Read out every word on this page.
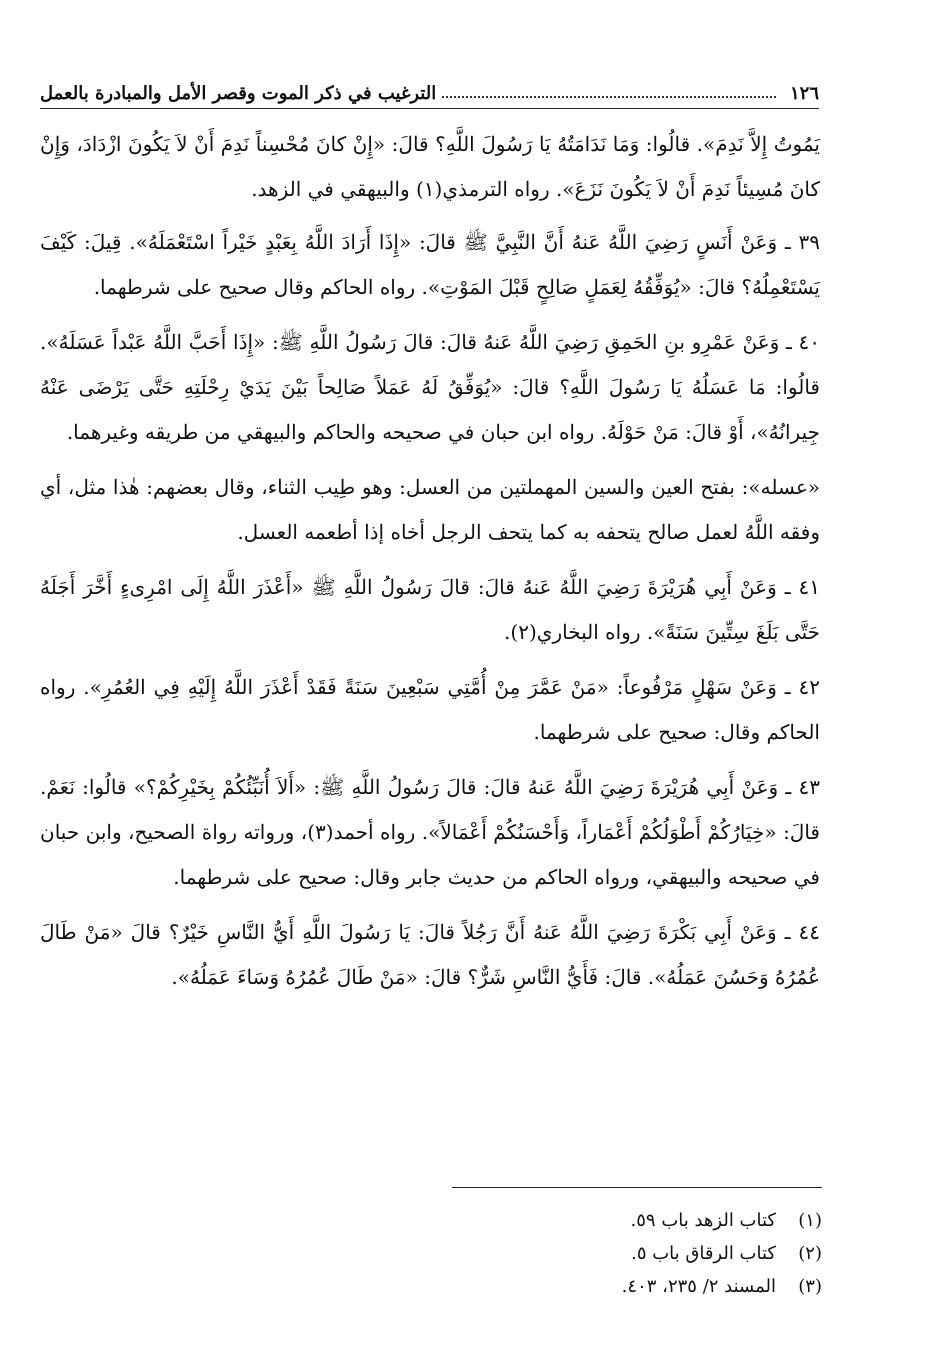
١٢٦
الترغيب في ذكر الموت وقصر الأمل والمبادرة بالعمل

يَمُوتُ إِلاَّ نَدِمَ». قالُوا: وَمَا نَدَامَتُهُ يَا رَسُولَ اللَّهِ؟ قالَ: «إِنْ كانَ مُحْسِناً نَدِمَ أَنْ لاَ يَكُونَ ازْدَادَ، وَإِنْ كانَ مُسِيئاً نَدِمَ أَنْ لاَ يَكُونَ نَزَعَ». رواه الترمذي(١) والبيهقي في الزهد.

٣٩ ـ وَعَنْ أَنَسٍ رَضِيَ اللَّهُ عَنهُ أَنَّ النَّبِيَّ ﷺ قالَ: «إِذَا أَرَادَ اللَّهُ بِعَبْدٍ خَيْراً اسْتَعْمَلَهُ». قِيلَ: كَيْفَ يَسْتَعْمِلُهُ؟ قالَ: «يُوَفِّقُهُ لِعَمَلٍ صَالِحٍ قَبْلَ المَوْتِ». رواه الحاكم وقال صحيح على شرطهما.

٤٠ ـ وَعَنْ عَمْرِو بنِ الحَمِقِ رَضِيَ اللَّهُ عَنهُ قالَ: قالَ رَسُولُ اللَّهِ ﷺ: «إِذَا أَحَبَّ اللَّهُ عَبْداً عَسَلَهُ». قالُوا: مَا عَسَلُهُ يَا رَسُولَ اللَّهِ؟ قالَ: «يُوَفِّقُ لَهُ عَمَلاً صَالِحاً بَيْنَ يَدَيْ رِحْلَتِهِ حَتَّى يَرْضَى عَنْهُ جِيرانُهُ»، أَوْ قالَ: مَنْ حَوْلَهُ. رواه ابن حبان في صحيحه والحاكم والبيهقي من طريقه وغيرهما.

«عسله»: بفتح العين والسين المهملتين من العسل: وهو طِيب الثناء، وقال بعضهم: هٰذا مثل، أي وفقه اللَّهُ لعمل صالح يتحفه به كما يتحف الرجل أخاه إذا أطعمه العسل.

٤١ ـ وَعَنْ أَبِي هُرَيْرَةَ رَضِيَ اللَّهُ عَنهُ قالَ: قالَ رَسُولُ اللَّهِ ﷺ «أَعْذَرَ اللَّهُ إِلَى امْرِىءٍ أَخَّرَ أَجَلَهُ حَتَّى بَلَغَ سِتِّينَ سَنَةً». رواه البخاري(٢).

٤٢ ـ وَعَنْ سَهْلٍ مَرْفُوعاً: «مَنْ عَمَّرَ مِنْ أُمَّتِي سَبْعِينَ سَنَةً فَقَدْ أَعْذَرَ اللَّهُ إِلَيْهِ فِي العُمُرِ». رواه الحاكم وقال: صحيح على شرطهما.

٤٣ ـ وَعَنْ أَبِي هُرَيْرَةَ رَضِيَ اللَّهُ عَنهُ قالَ: قالَ رَسُولُ اللَّهِ ﷺ: «أَلاَ أُنَبِّئُكُمْ بِخَيْرِكُمْ؟» قالُوا: نَعَمْ. قالَ: «خِيَارُكُمْ أَطْوَلُكُمْ أَعْمَاراً، وَأَحْسَنُكُمْ أَعْمَالاً». رواه أحمد(٣)، ورواته رواة الصحيح، وابن حبان في صحيحه والبيهقي، ورواه الحاكم من حديث جابر وقال: صحيح على شرطهما.

٤٤ ـ وَعَنْ أَبِي بَكْرَةَ رَضِيَ اللَّهُ عَنهُ أَنَّ رَجُلاً قالَ: يَا رَسُولَ اللَّهِ أَيُّ النَّاسِ خَيْرٌ؟ قالَ «مَنْ طَالَ عُمُرُهُ وَحَسُنَ عَمَلُهُ». قالَ: فَأَيُّ النَّاسِ شَرٌّ؟ قالَ: «مَنْ طَالَ عُمُرُهُ وَسَاءَ عَمَلُهُ».

(١)
كتاب الزهد باب ٥٩.
(٢)
كتاب الرقاق باب ٥.
(٣)
المسند ٢/ ٢٣٥، ٤٠٣.
